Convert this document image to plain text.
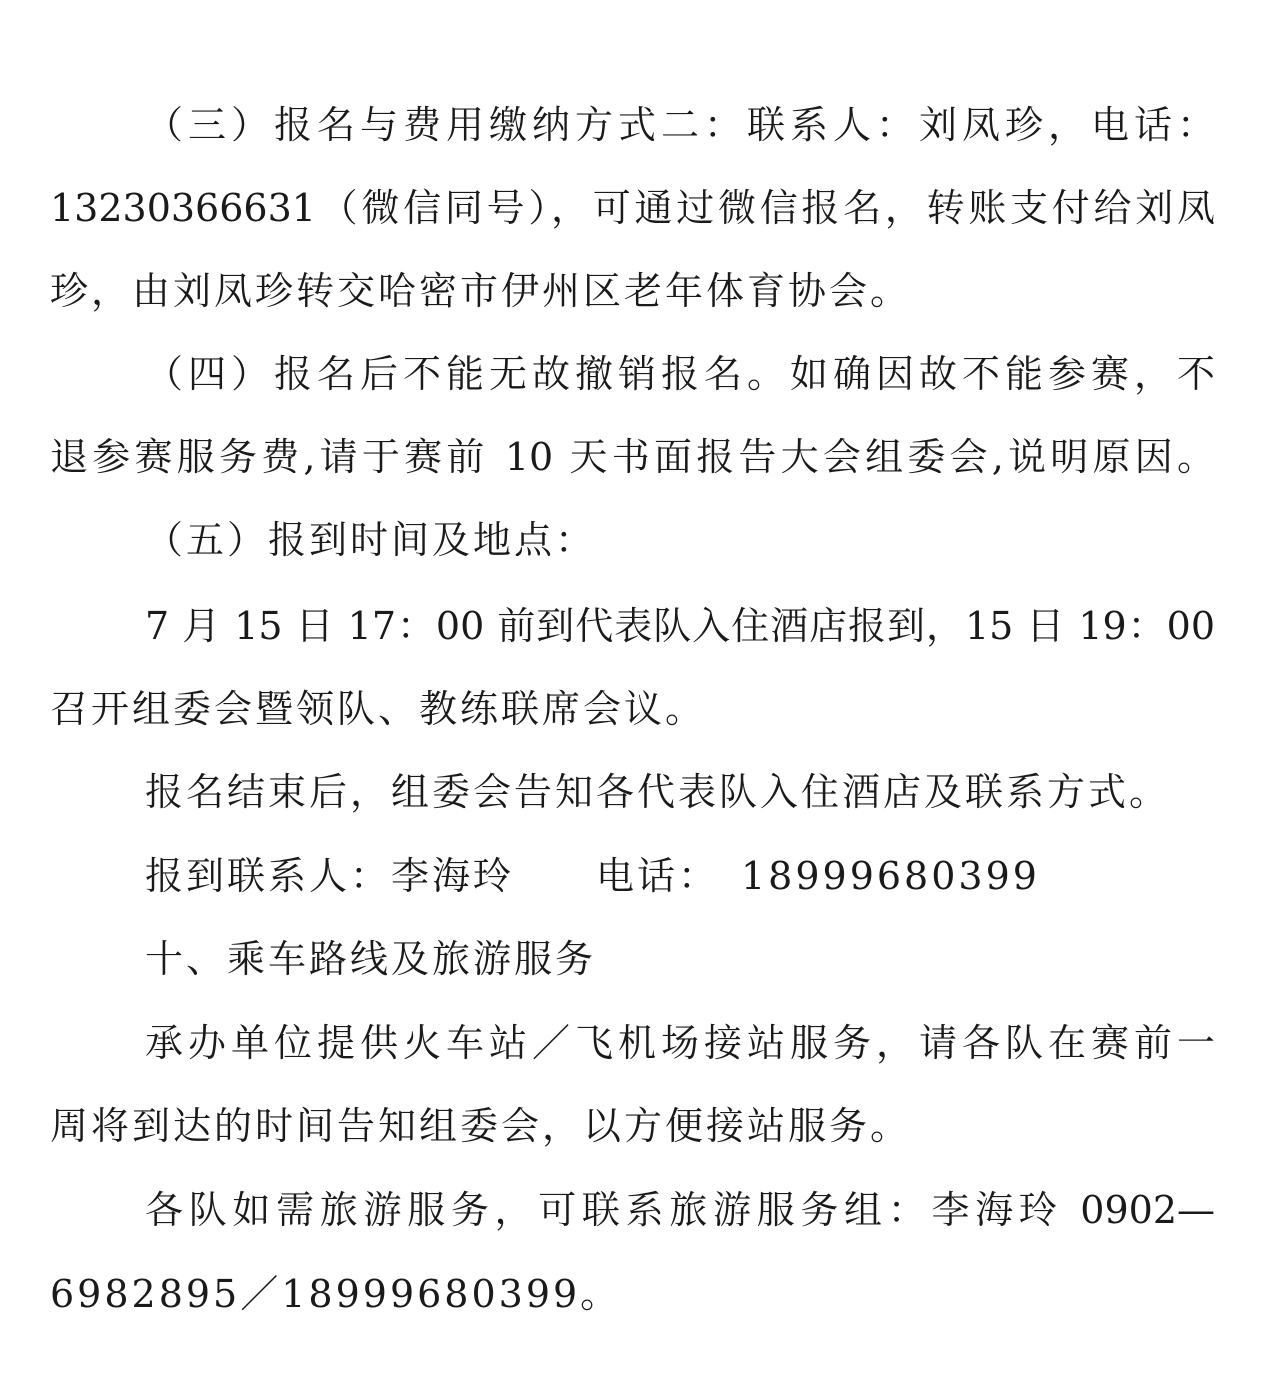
（三）报名与费用缴纳方式二：联系人：刘凤珍，电话：
13230366631（微信同号），可通过微信报名，转账支付给刘凤
珍，由刘凤珍转交哈密市伊州区老年体育协会。
（四）报名后不能无故撤销报名。如确因故不能参赛，不
退参赛服务费,请于赛前 10 天书面报告大会组委会,说明原因。
（五）报到时间及地点：
7 月 15 日 17：00 前到代表队入住酒店报到，15 日 19：00
召开组委会暨领队、教练联席会议。
报名结束后，组委会告知各代表队入住酒店及联系方式。
报到联系人：李海玲　　电话：　18999680399
十、乘车路线及旅游服务
承办单位提供火车站／飞机场接站服务，请各队在赛前一
周将到达的时间告知组委会，以方便接站服务。
各队如需旅游服务，可联系旅游服务组：李海玲 0902—
6982895／18999680399。
